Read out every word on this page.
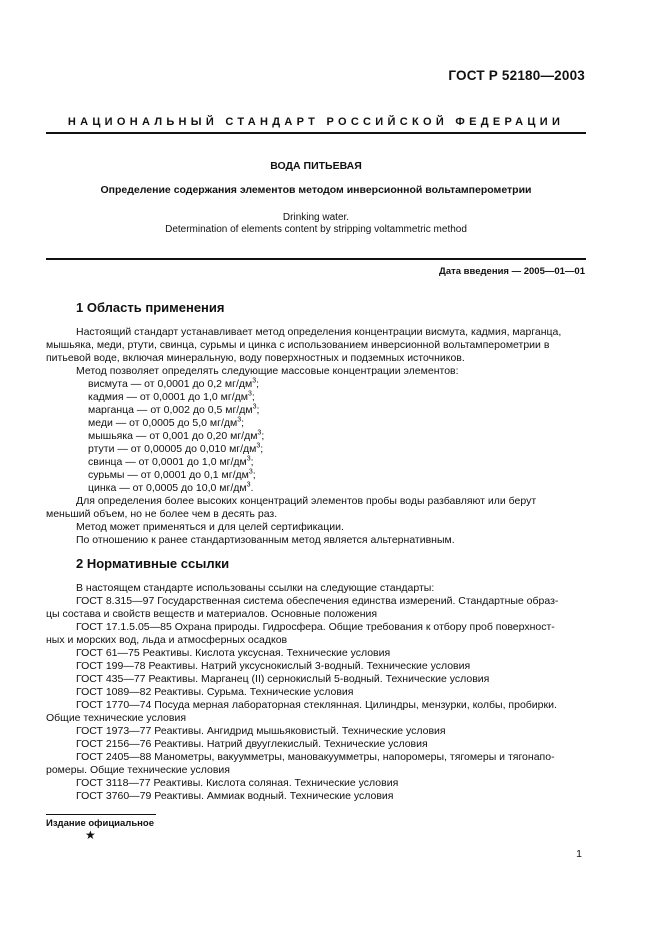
ГОСТ Р 52180—2003
НАЦИОНАЛЬНЫЙ СТАНДАРТ РОССИЙСКОЙ ФЕДЕРАЦИИ
ВОДА ПИТЬЕВАЯ
Определение содержания элементов методом инверсионной вольтамперометрии
Drinking water.
Determination of elements content by stripping voltammetric method
Дата введения — 2005—01—01
1 Область применения
Настоящий стандарт устанавливает метод определения концентрации висмута, кадмия, марганца,
мышьяка, меди, ртути, свинца, сурьмы и цинка с использованием инверсионной вольтамперометрии в
питьевой воде, включая минеральную, воду поверхностных и подземных источников.
Метод позволяет определять следующие массовые концентрации элементов:
висмута — от 0,0001 до 0,2 $мг/дм^3$;
кадмия — от 0,0001 до 1,0 $мг/дм^3$;
марганца — от 0,002 до 0,5 $мг/дм^3$;
меди — от 0,0005 до 5,0 $мг/дм^3$;
мышьяка — от 0,001 до 0,20 $мг/дм^3$;
ртути — от 0,00005 до 0,010 $мг/дм^3$;
свинца — от 0,0001 до 1,0 $мг/дм^3$;
сурьмы — от 0,0001 до 0,1 $мг/дм^3$;
цинка — от 0,0005 до 10,0 $мг/дм^3$.
Для определения более высоких концентраций элементов пробы воды разбавляют или берут
меньший объем, но не более чем в десять раз.
Метод может применяться и для целей сертификации.
По отношению к ранее стандартизованным метод является альтернативным.
2 Нормативные ссылки
В настоящем стандарте использованы ссылки на следующие стандарты:
ГОСТ 8.315—97 Государственная система обеспечения единства измерений. Стандартные образ-
цы состава и свойств веществ и материалов. Основные положения
ГОСТ 17.1.5.05—85 Охрана природы. Гидросфера. Общие требования к отбору проб поверхност-
ных и морских вод, льда и атмосферных осадков
ГОСТ 61—75 Реактивы. Кислота уксусная. Технические условия
ГОСТ 199—78 Реактивы. Натрий уксуснокислый 3-водный. Технические условия
ГОСТ 435—77 Реактивы. Марганец (II) сернокислый 5-водный. Технические условия
ГОСТ 1089—82 Реактивы. Сурьма. Технические условия
ГОСТ 1770—74 Посуда мерная лабораторная стеклянная. Цилиндры, мензурки, колбы, пробирки.
Общие технические условия
ГОСТ 1973—77 Реактивы. Ангидрид мышьяковистый. Технические условия
ГОСТ 2156—76 Реактивы. Натрий двууглекислый. Технические условия
ГОСТ 2405—88 Манометры, вакуумметры, мановакуумметры, напоромеры, тягомеры и тягонапо-
ромеры. Общие технические условия
ГОСТ 3118—77 Реактивы. Кислота соляная. Технические условия
ГОСТ 3760—79 Реактивы. Аммиак водный. Технические условия
Издание официальное
★
1
